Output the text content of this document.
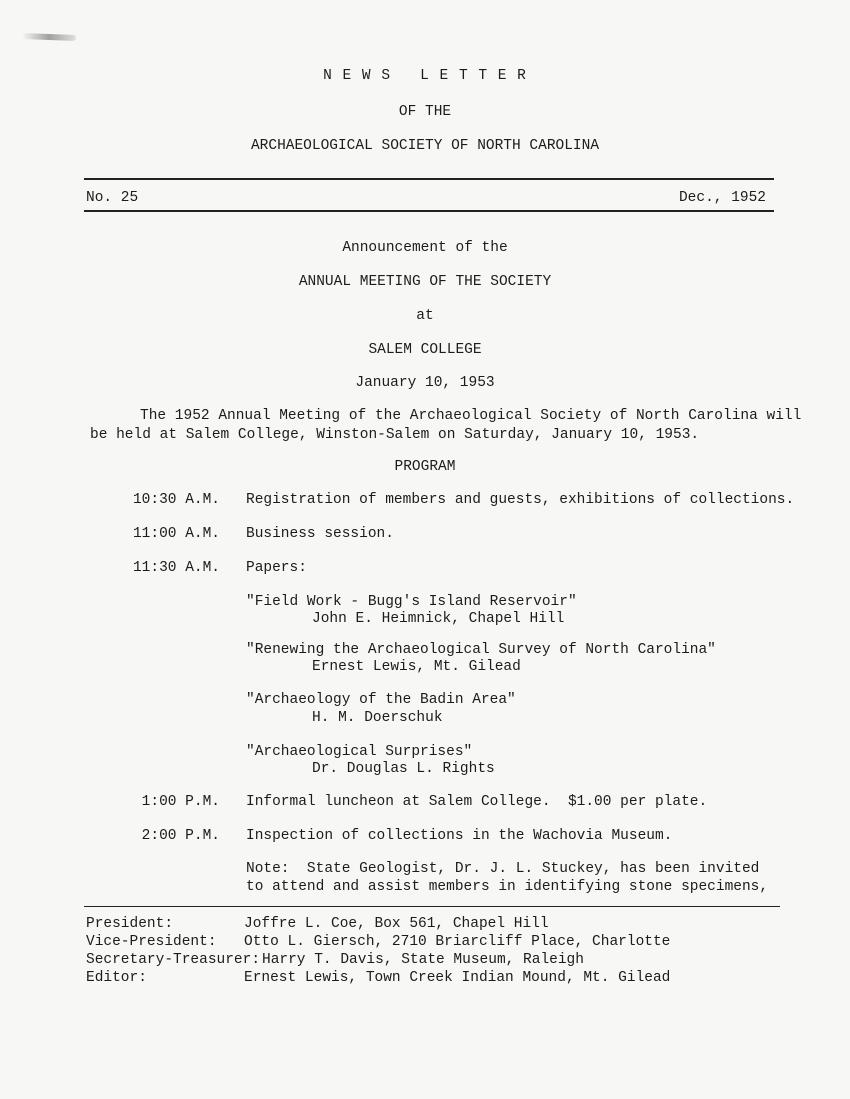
N E W S   L E T T E R
OF THE
ARCHAEOLOGICAL SOCIETY OF NORTH CAROLINA
No. 25	Dec., 1952
Announcement of the
ANNUAL MEETING OF THE SOCIETY
at
SALEM COLLEGE
January 10, 1953
The 1952 Annual Meeting of the Archaeological Society of North Carolina will
be held at Salem College, Winston-Salem on Saturday, January 10, 1953.
PROGRAM
10:30 A.M. Registration of members and guests, exhibitions of collections.
11:00 A.M. Business session.
11:30 A.M. Papers:
"Field Work - Bugg's Island Reservoir"
John E. Heimnick, Chapel Hill
"Renewing the Archaeological Survey of North Carolina"
Ernest Lewis, Mt. Gilead
"Archaeology of the Badin Area"
H. M. Doerschuk
"Archaeological Surprises"
Dr. Douglas L. Rights
1:00 P.M. Informal luncheon at Salem College.  $1.00 per plate.
2:00 P.M. Inspection of collections in the Wachovia Museum.
Note:  State Geologist, Dr. J. L. Stuckey, has been invited
to attend and assist members in identifying stone specimens,
President:	Joffre L. Coe, Box 561, Chapel Hill
Vice-President: Otto L. Giersch, 2710 Briarcliff Place, Charlotte
Secretary-Treasurer: Harry T. Davis, State Museum, Raleigh
Editor:	Ernest Lewis, Town Creek Indian Mound, Mt. Gilead
